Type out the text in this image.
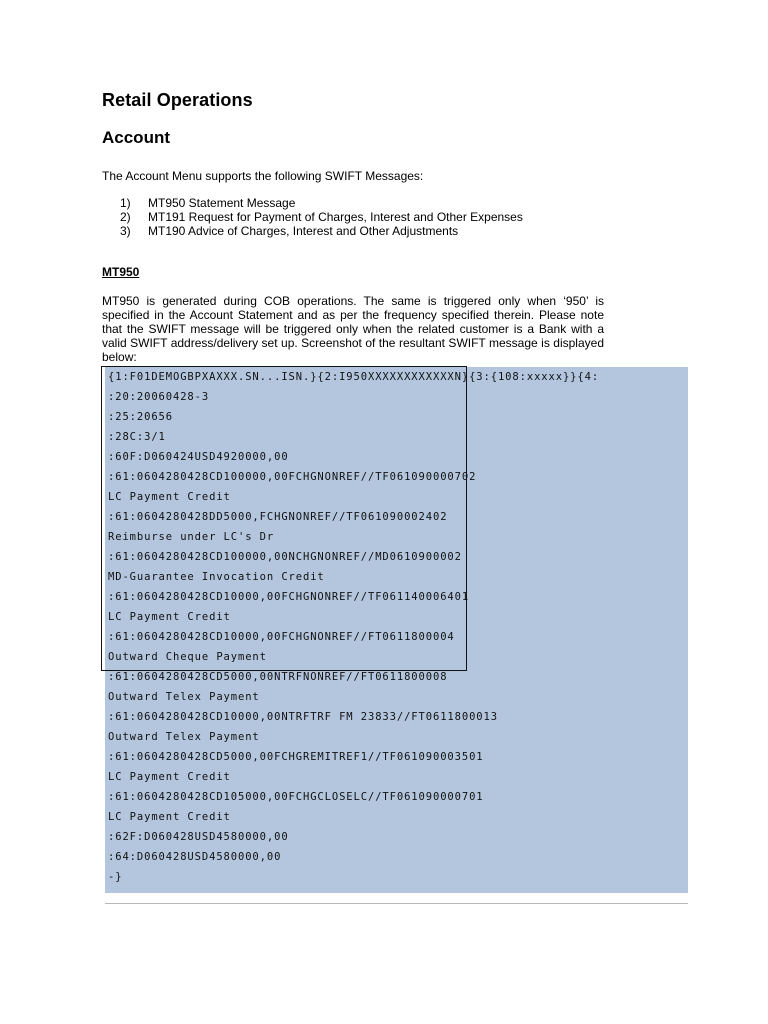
Retail Operations
Account
The Account Menu supports the following SWIFT Messages:
1)	MT950 Statement Message
2)	MT191 Request for Payment of Charges, Interest and Other Expenses
3)	MT190 Advice of Charges, Interest and Other Adjustments
MT950

MT950 is generated during COB operations. The same is triggered only when ‘950’ is specified in the Account Statement and as per the frequency specified therein. Please note that the SWIFT message will be triggered only when the related customer is a Bank with a valid SWIFT address/delivery set up. Screenshot of the resultant SWIFT message is displayed below:

{1:F01DEMOGBPXAXXX.SN...ISN.}{2:I950XXXXXXXXXXXXN}{3:{108:xxxxx}}{4:
:20:20060428-3
:25:20656
:28C:3/1
:60F:D060424USD4920000,00
:61:0604280428CD100000,00FCHGNONREF//TF061090000702
LC Payment Credit
:61:0604280428DD5000,FCHGNONREF//TF061090002402
Reimburse under LC's Dr
:61:0604280428CD100000,00NCHGNONREF//MD0610900002
MD-Guarantee Invocation Credit
:61:0604280428CD10000,00FCHGNONREF//TF061140006401
LC Payment Credit
:61:0604280428CD10000,00FCHGNONREF//FT0611800004
Outward Cheque Payment
:61:0604280428CD5000,00NTRFNONREF//FT0611800008
Outward Telex Payment
:61:0604280428CD10000,00NTRFTRF FM 23833//FT0611800013
Outward Telex Payment
:61:0604280428CD5000,00FCHGREMITREF1//TF061090003501
LC Payment Credit
:61:0604280428CD105000,00FCHGCLOSELC//TF061090000701
LC Payment Credit
:62F:D060428USD4580000,00
:64:D060428USD4580000,00
-}
